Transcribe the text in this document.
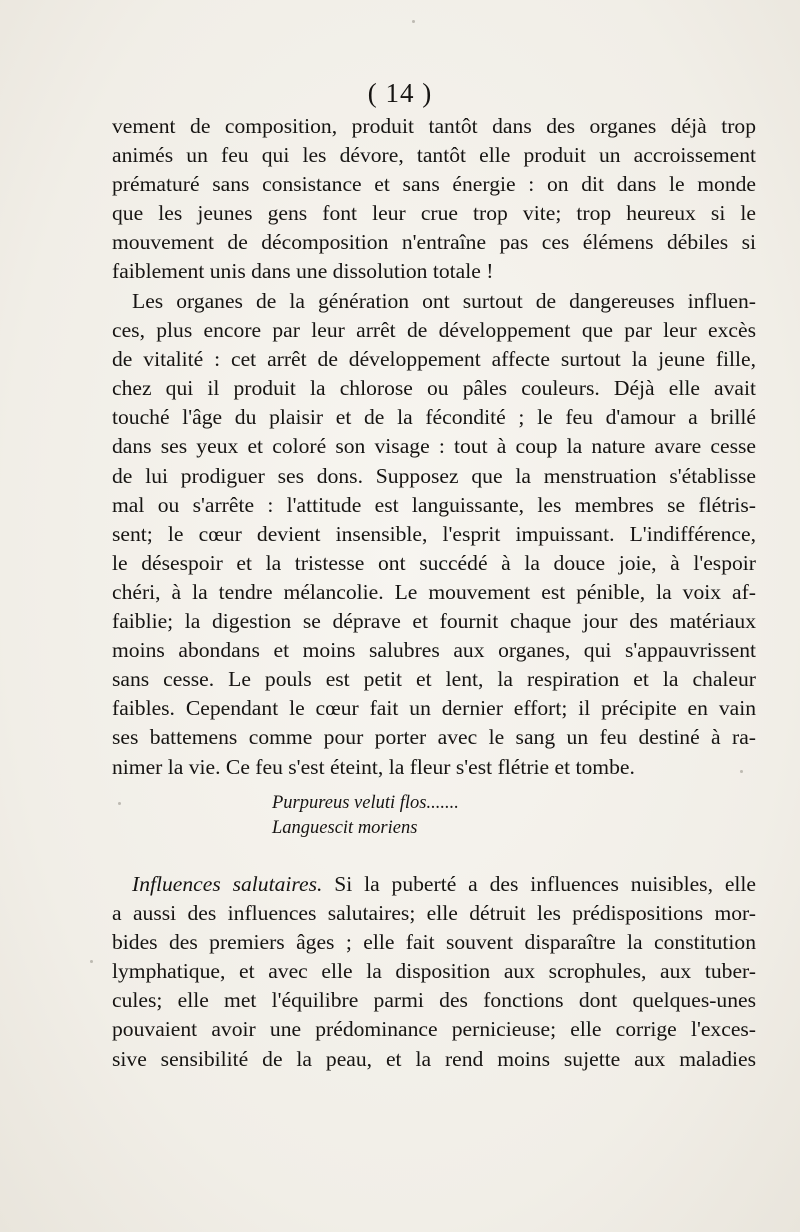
( 14 )
vement de composition, produit tantôt dans des organes déjà trop
animés un feu qui les dévore, tantôt elle produit un accroissement
prématuré sans consistance et sans énergie : on dit dans le monde
que les jeunes gens font leur crue trop vite; trop heureux si le
mouvement de décomposition n'entraîne pas ces élémens débiles si
faiblement unis dans une dissolution totale !
Les organes de la génération ont surtout de dangereuses influen-
ces, plus encore par leur arrêt de développement que par leur excès
de vitalité : cet arrêt de développement affecte surtout la jeune fille,
chez qui il produit la chlorose ou pâles couleurs. Déjà elle avait
touché l'âge du plaisir et de la fécondité ; le feu d'amour a brillé
dans ses yeux et coloré son visage : tout à coup la nature avare cesse
de lui prodiguer ses dons. Supposez que la menstruation s'établisse
mal ou s'arrête : l'attitude est languissante, les membres se flétris-
sent; le cœur devient insensible, l'esprit impuissant. L'indifférence,
le désespoir et la tristesse ont succédé à la douce joie, à l'espoir
chéri, à la tendre mélancolie. Le mouvement est pénible, la voix af-
faiblie; la digestion se déprave et fournit chaque jour des matériaux
moins abondans et moins salubres aux organes, qui s'appauvrissent
sans cesse. Le pouls est petit et lent, la respiration et la chaleur
faibles. Cependant le cœur fait un dernier effort; il précipite en vain
ses battemens comme pour porter avec le sang un feu destiné à ra-
nimer la vie. Ce feu s'est éteint, la fleur s'est flétrie et tombe.
Purpureus veluti flos.......
Languescit moriens
Influences salutaires. Si la puberté a des influences nuisibles, elle
a aussi des influences salutaires; elle détruit les prédispositions mor-
bides des premiers âges ; elle fait souvent disparaître la constitution
lymphatique, et avec elle la disposition aux scrophules, aux tuber-
cules; elle met l'équilibre parmi des fonctions dont quelques-unes
pouvaient avoir une prédominance pernicieuse; elle corrige l'exces-
sive sensibilité de la peau, et la rend moins sujette aux maladies
